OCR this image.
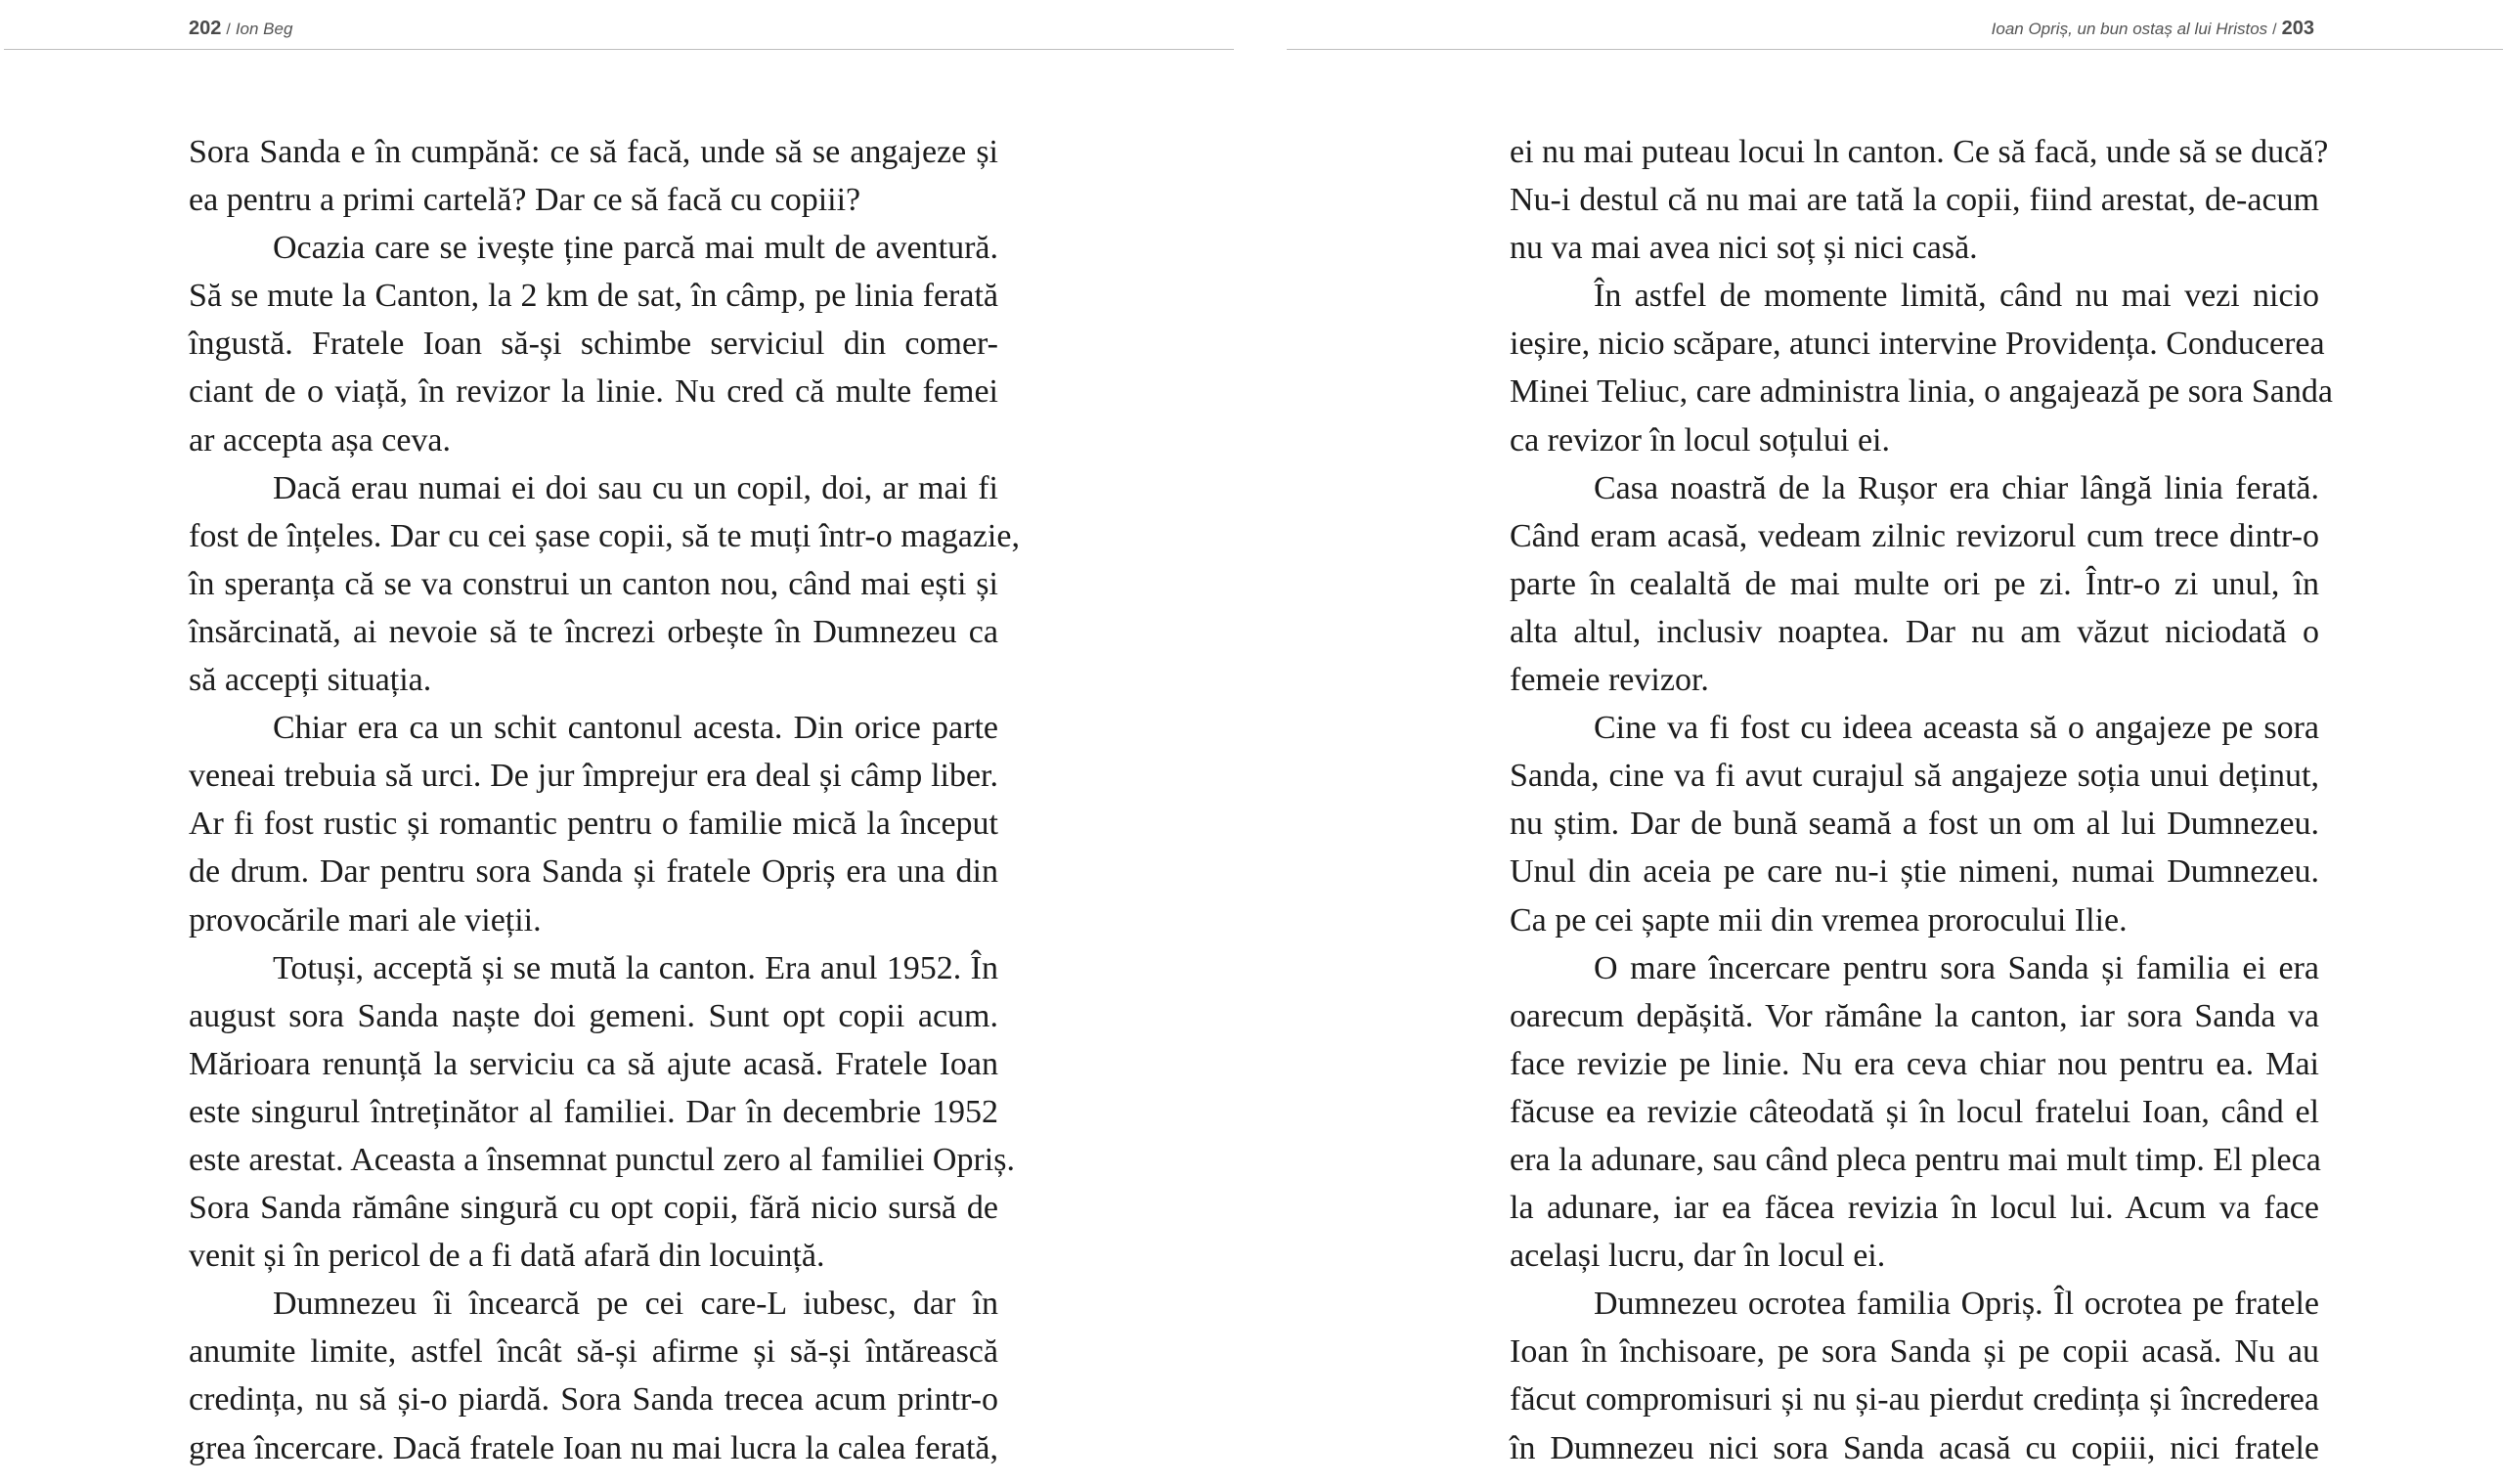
202 / Ion Beg
Sora Sanda e în cumpănă: ce să facă, unde să se angajeze și
ea pentru a primi cartelă? Dar ce să facă cu copiii?
Ocazia care se ivește ține parcă mai mult de aventură.
Să se mute la Canton, la 2 km de sat, în câmp, pe linia ferată
îngustă. Fratele Ioan să-și schimbe serviciul din comer-
ciant de o viață, în revizor la linie. Nu cred că multe femei
ar accepta așa ceva.
Dacă erau numai ei doi sau cu un copil, doi, ar mai fi
fost de înțeles. Dar cu cei șase copii, să te muți într-o magazie,
în speranța că se va construi un canton nou, când mai ești și
însărcinată, ai nevoie să te încrezi orbește în Dumnezeu ca
să accepți situația.
Chiar era ca un schit cantonul acesta. Din orice parte
veneai trebuia să urci. De jur împrejur era deal și câmp liber.
Ar fi fost rustic și romantic pentru o familie mică la început
de drum. Dar pentru sora Sanda și fratele Opriș era una din
provocările mari ale vieții.
Totuși, acceptă și se mută la canton. Era anul 1952. În
august sora Sanda naște doi gemeni. Sunt opt copii acum.
Mărioara renunță la serviciu ca să ajute acasă. Fratele Ioan
este singurul întreținător al familiei. Dar în decembrie 1952
este arestat. Aceasta a însemnat punctul zero al familiei Opriș.
Sora Sanda rămâne singură cu opt copii, fără nicio sursă de
venit și în pericol de a fi dată afară din locuință.
Dumnezeu îi încearcă pe cei care-L iubesc, dar în
anumite limite, astfel încât să-și afirme și să-și întărească
credința, nu să și-o piardă. Sora Sanda trecea acum printr-o
grea încercare. Dacă fratele Ioan nu mai lucra la calea ferată,
Ioan Opriș, un bun ostaș al lui Hristos / 203
ei nu mai puteau locui ln canton. Ce să facă, unde să se ducă?
Nu-i destul că nu mai are tată la copii, fiind arestat, de-acum
nu va mai avea nici soț și nici casă.
În astfel de momente limită, când nu mai vezi nicio
ieșire, nicio scăpare, atunci intervine Providența. Conducerea
Minei Teliuc, care administra linia, o angajează pe sora Sanda
ca revizor în locul soțului ei.
Casa noastră de la Rușor era chiar lângă linia ferată.
Când eram acasă, vedeam zilnic revizorul cum trece dintr-o
parte în cealaltă de mai multe ori pe zi. Într-o zi unul, în
alta altul, inclusiv noaptea. Dar nu am văzut niciodată o
femeie revizor.
Cine va fi fost cu ideea aceasta să o angajeze pe sora
Sanda, cine va fi avut curajul să angajeze soția unui deținut,
nu știm. Dar de bună seamă a fost un om al lui Dumnezeu.
Unul din aceia pe care nu-i știe nimeni, numai Dumnezeu.
Ca pe cei șapte mii din vremea prorocului Ilie.
O mare încercare pentru sora Sanda și familia ei era
oarecum depășită. Vor rămâne la canton, iar sora Sanda va
face revizie pe linie. Nu era ceva chiar nou pentru ea. Mai
făcuse ea revizie câteodată și în locul fratelui Ioan, când el
era la adunare, sau când pleca pentru mai mult timp. El pleca
la adunare, iar ea făcea revizia în locul lui. Acum va face
același lucru, dar în locul ei.
Dumnezeu ocrotea familia Opriș. Îl ocrotea pe fratele
Ioan în închisoare, pe sora Sanda și pe copii acasă. Nu au
făcut compromisuri și nu și-au pierdut credința și încrederea
în Dumnezeu nici sora Sanda acasă cu copiii, nici fratele
